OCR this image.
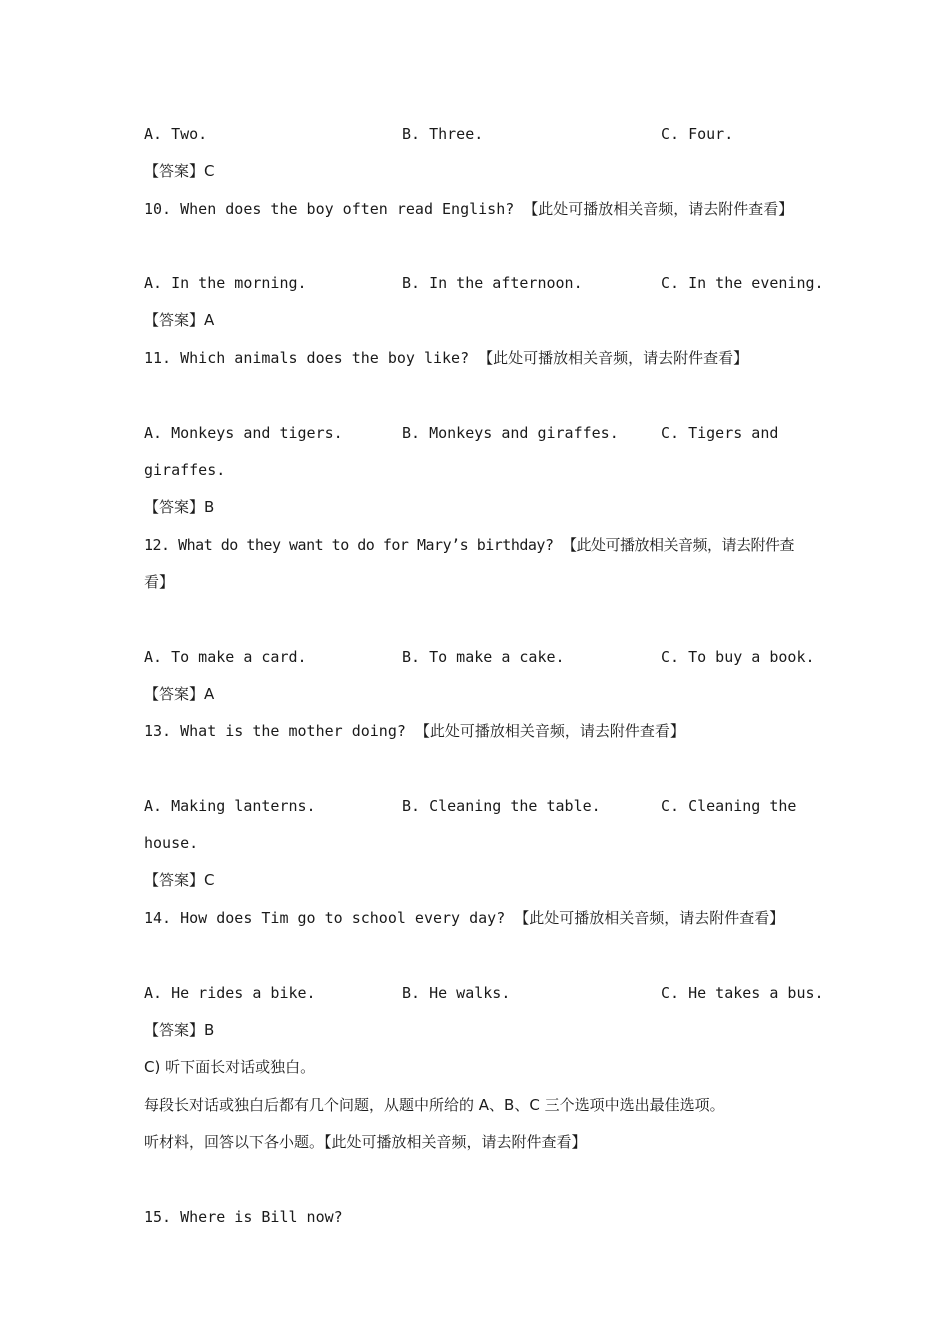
A. Two.	B. Three.	C. Four.
【答案】C
10. When does the boy often read English? 【此处可播放相关音频，请去附件查看】
A. In the morning.	B. In the afternoon.	C. In the evening.
【答案】A
11. Which animals does the boy like? 【此处可播放相关音频，请去附件查看】
A. Monkeys and tigers.	B. Monkeys and giraffes.	C. Tigers and
giraffes.
【答案】B
12. What do they want to do for Mary’s birthday? 【此处可播放相关音频，请去附件查
看】
A. To make a card.	B. To make a cake.	C. To buy a book.
【答案】A
13. What is the mother doing? 【此处可播放相关音频，请去附件查看】
A. Making lanterns.	B. Cleaning the table.	C. Cleaning the
house.
【答案】C
14. How does Tim go to school every day? 【此处可播放相关音频，请去附件查看】
A. He rides a bike.	B. He walks.	C. He takes a bus.
【答案】B
C) 听下面长对话或独白。
每段长对话或独白后都有几个问题，从题中所给的 A、B、C 三个选项中选出最佳选项。
听材料，回答以下各小题。【此处可播放相关音频，请去附件查看】
15. Where is Bill now?
